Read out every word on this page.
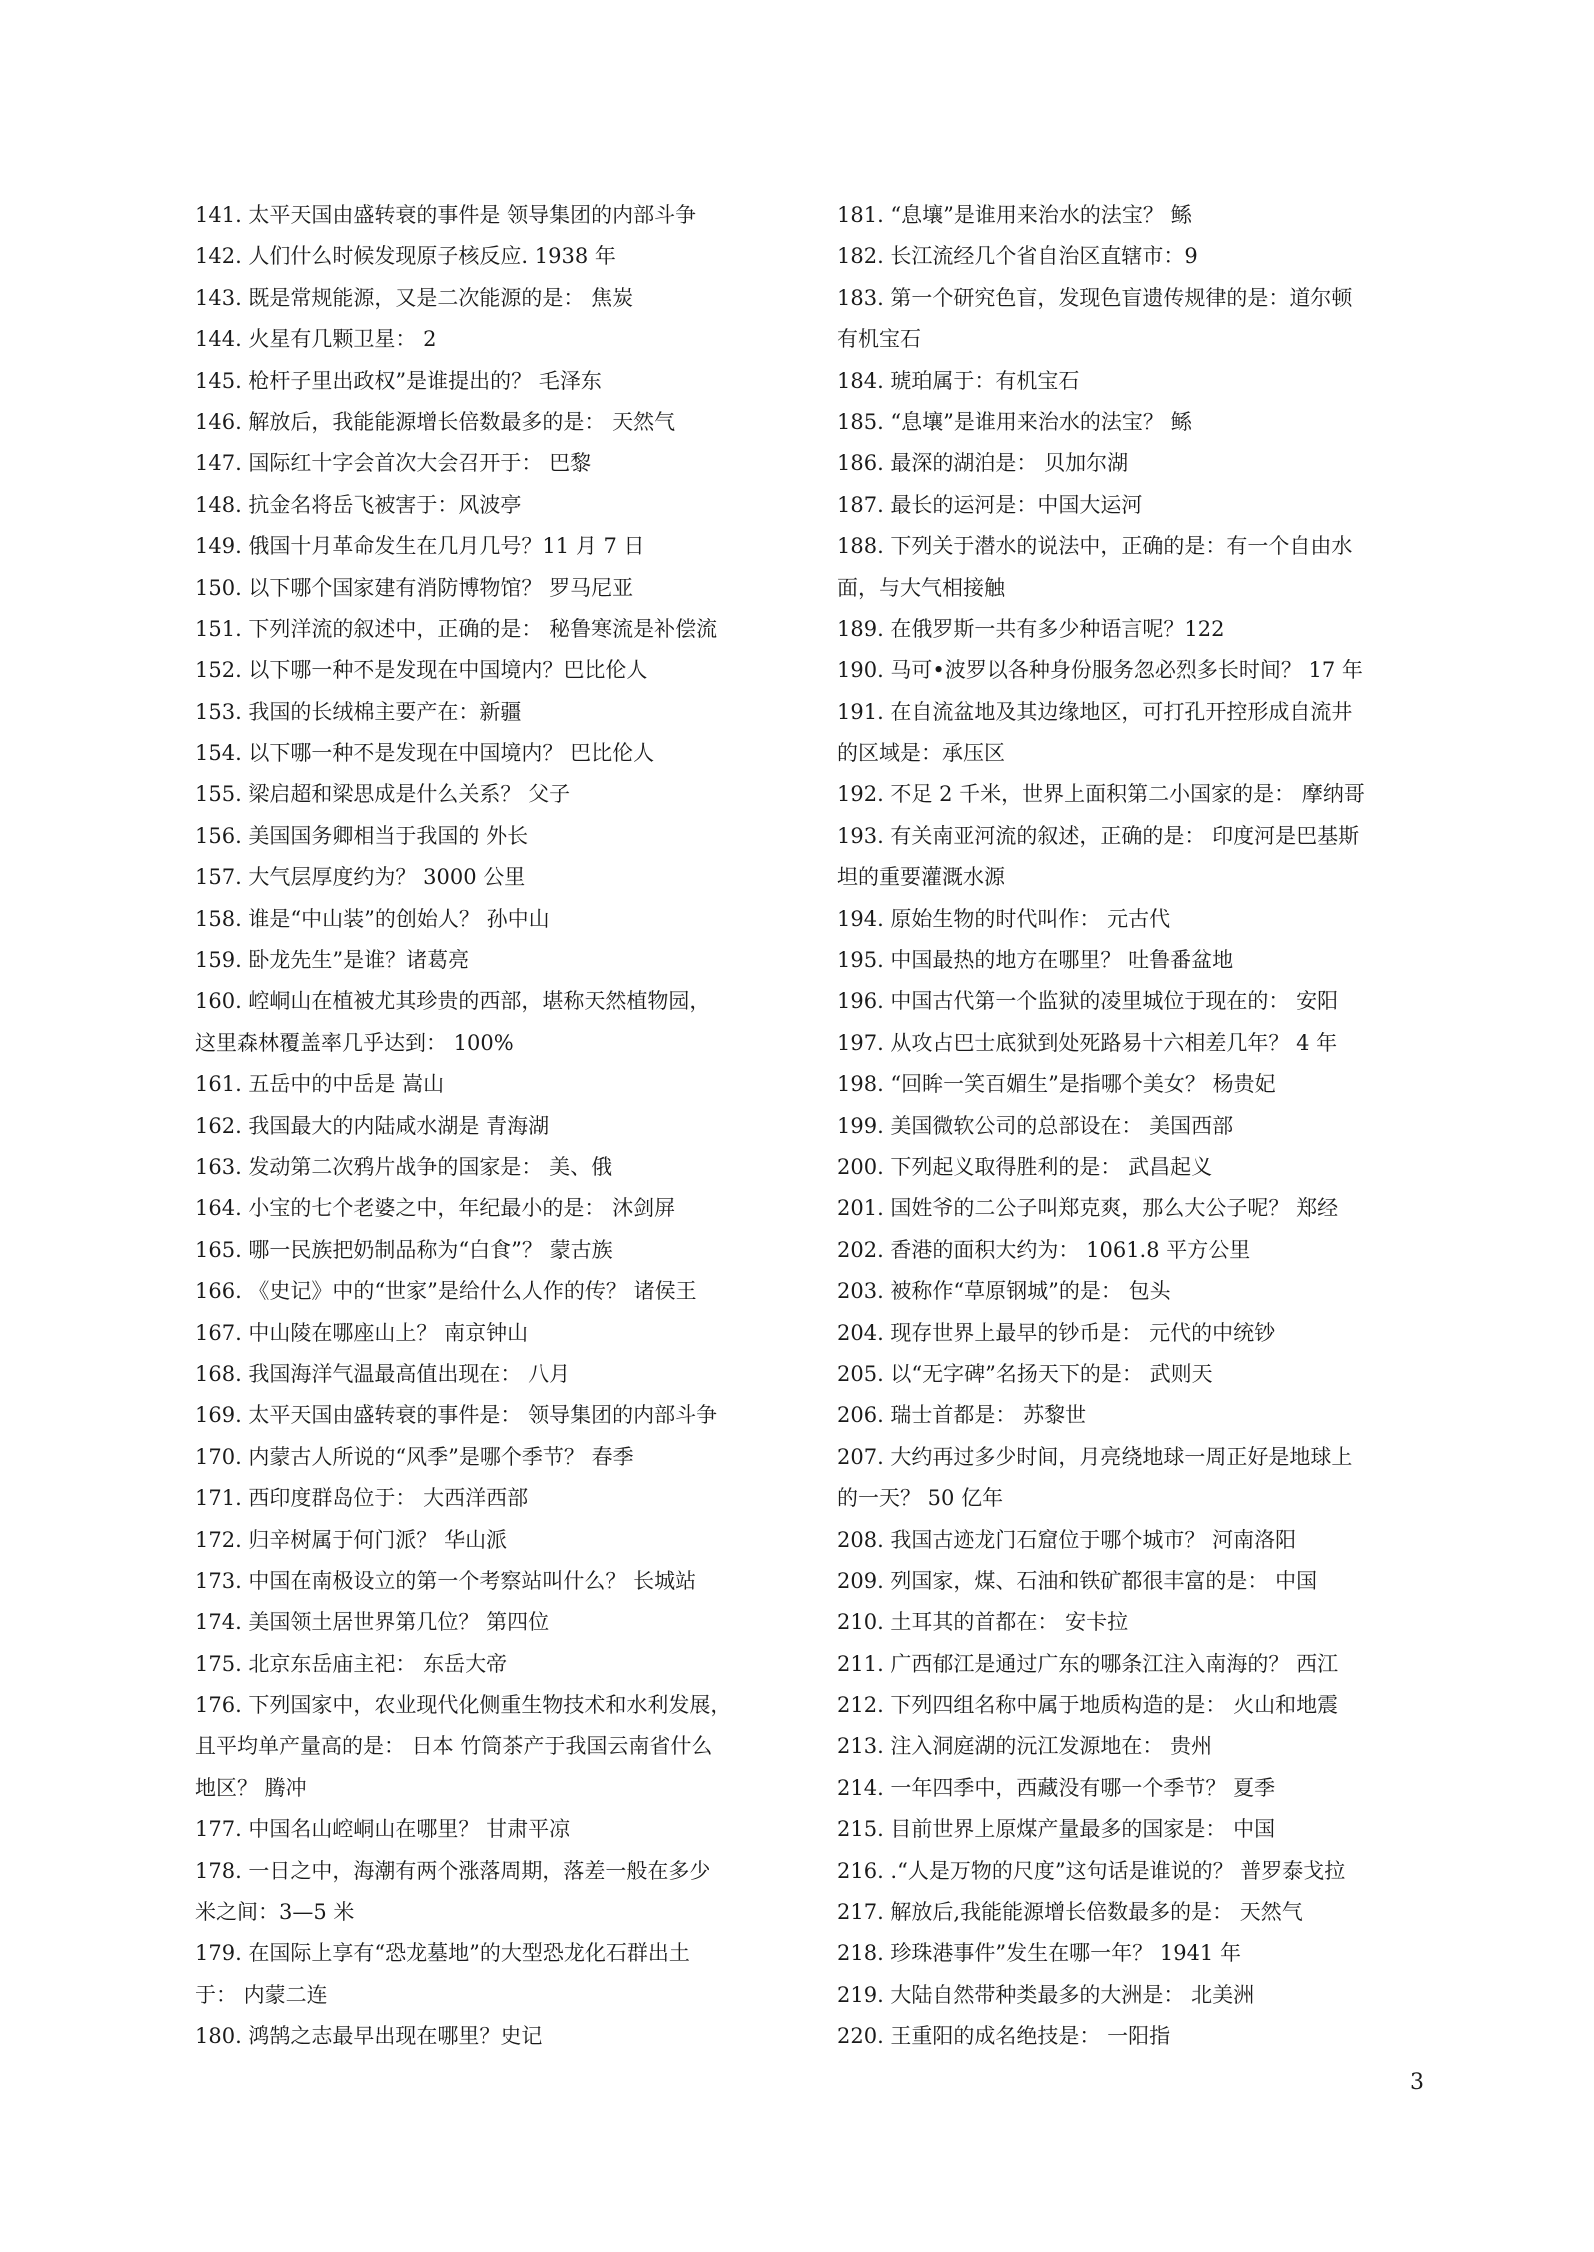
141. 太平天国由盛转衰的事件是 领导集团的内部斗争
142. 人们什么时候发现原子核反应. 1938 年
143. 既是常规能源，又是二次能源的是： 焦炭
144. 火星有几颗卫星： 2
145. 枪杆子里出政权”是谁提出的？ 毛泽东
146. 解放后，我能能源增长倍数最多的是： 天然气
147. 国际红十字会首次大会召开于： 巴黎
148. 抗金名将岳飞被害于：风波亭
149. 俄国十月革命发生在几月几号？11 月 7 日
150. 以下哪个国家建有消防博物馆？ 罗马尼亚
151. 下列洋流的叙述中，正确的是： 秘鲁寒流是补偿流
152. 以下哪一种不是发现在中国境内？巴比伦人
153. 我国的长绒棉主要产在：新疆
154. 以下哪一种不是发现在中国境内？ 巴比伦人
155. 梁启超和梁思成是什么关系？ 父子
156. 美国国务卿相当于我国的 外长
157. 大气层厚度约为？ 3000 公里
158. 谁是“中山装”的创始人？ 孙中山
159. 卧龙先生”是谁？诸葛亮
160. 崆峒山在植被尤其珍贵的西部，堪称天然植物园，
这里森林覆盖率几乎达到： 100%
161. 五岳中的中岳是 嵩山
162. 我国最大的内陆咸水湖是 青海湖
163. 发动第二次鸦片战争的国家是： 美、俄
164. 小宝的七个老婆之中，年纪最小的是： 沐剑屏
165. 哪一民族把奶制品称为“白食”？ 蒙古族
166. 《史记》中的“世家”是给什么人作的传？ 诸侯王
167. 中山陵在哪座山上？ 南京钟山
168. 我国海洋气温最高值出现在： 八月
169. 太平天国由盛转衰的事件是： 领导集团的内部斗争
170. 内蒙古人所说的“风季”是哪个季节？ 春季
171. 西印度群岛位于： 大西洋西部
172. 归辛树属于何门派？ 华山派
173. 中国在南极设立的第一个考察站叫什么？ 长城站
174. 美国领土居世界第几位？ 第四位
175. 北京东岳庙主祀： 东岳大帝
176. 下列国家中，农业现代化侧重生物技术和水利发展，
且平均单产量高的是： 日本 竹筒茶产于我国云南省什么
地区？ 腾冲
177. 中国名山崆峒山在哪里？ 甘肃平凉
178. 一日之中，海潮有两个涨落周期，落差一般在多少
米之间：3—5 米
179. 在国际上享有“恐龙墓地”的大型恐龙化石群出土
于： 内蒙二连
180. 鸿鹄之志最早出现在哪里？史记
181. “息壤”是谁用来治水的法宝？ 鲧
182. 长江流经几个省自治区直辖市：9
183. 第一个研究色盲，发现色盲遗传规律的是：道尔顿
有机宝石
184. 琥珀属于：有机宝石
185. “息壤”是谁用来治水的法宝？ 鲧
186. 最深的湖泊是： 贝加尔湖
187. 最长的运河是：中国大运河
188. 下列关于潜水的说法中，正确的是：有一个自由水
面，与大气相接触
189. 在俄罗斯一共有多少种语言呢？122
190. 马可•波罗以各种身份服务忽必烈多长时间？ 17 年
191. 在自流盆地及其边缘地区，可打孔开控形成自流井
的区域是：承压区
192. 不足 2 千米，世界上面积第二小国家的是： 摩纳哥
193. 有关南亚河流的叙述，正确的是： 印度河是巴基斯
坦的重要灌溉水源
194. 原始生物的时代叫作： 元古代
195. 中国最热的地方在哪里？ 吐鲁番盆地
196. 中国古代第一个监狱的凌里城位于现在的： 安阳
197. 从攻占巴士底狱到处死路易十六相差几年？ 4 年
198. “回眸一笑百媚生”是指哪个美女？ 杨贵妃
199. 美国微软公司的总部设在： 美国西部
200. 下列起义取得胜利的是： 武昌起义
201. 国姓爷的二公子叫郑克爽，那么大公子呢？ 郑经
202. 香港的面积大约为： 1061.8 平方公里
203. 被称作“草原钢城”的是： 包头
204. 现存世界上最早的钞币是： 元代的中统钞
205. 以“无字碑”名扬天下的是： 武则天
206. 瑞士首都是： 苏黎世
207. 大约再过多少时间，月亮绕地球一周正好是地球上
的一天？ 50 亿年
208. 我国古迹龙门石窟位于哪个城市？ 河南洛阳
209. 列国家，煤、石油和铁矿都很丰富的是： 中国
210. 土耳其的首都在： 安卡拉
211. 广西郁江是通过广东的哪条江注入南海的？ 西江
212. 下列四组名称中属于地质构造的是： 火山和地震
213. 注入洞庭湖的沅江发源地在： 贵州
214. 一年四季中，西藏没有哪一个季节？ 夏季
215. 目前世界上原煤产量最多的国家是： 中国
216. .“人是万物的尺度”这句话是谁说的？ 普罗泰戈拉
217. 解放后,我能能源增长倍数最多的是： 天然气
218. 珍珠港事件”发生在哪一年？ 1941 年
219. 大陆自然带种类最多的大洲是： 北美洲
220. 王重阳的成名绝技是： 一阳指
3
